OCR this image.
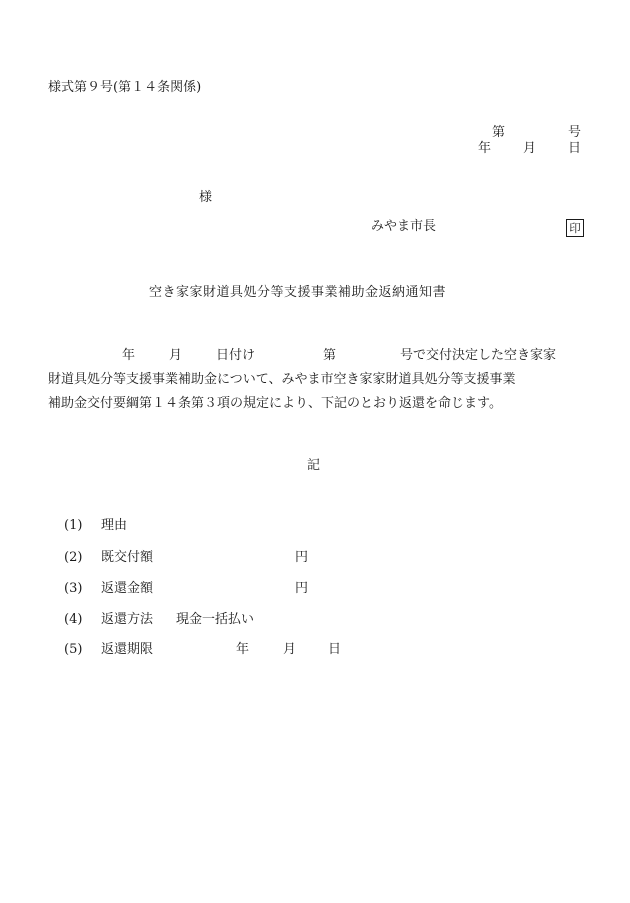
様式第９号(第１４条関係)
第	号
年 月 日
様
みやま市長	印
空き家家財道具処分等支援事業補助金返納通知書
年	月	日付け	第	号で交付決定した空き家家
財道具処分等支援事業補助金について、みやま市空き家家財道具処分等支援事業
補助金交付要綱第１４条第３項の規定により、下記のとおり返還を命じます。
記
(1) 理由
(2) 既交付額	円
(3) 返還金額	円
(4) 返還方法 現金一括払い
(5) 返還期限	年	月 日
